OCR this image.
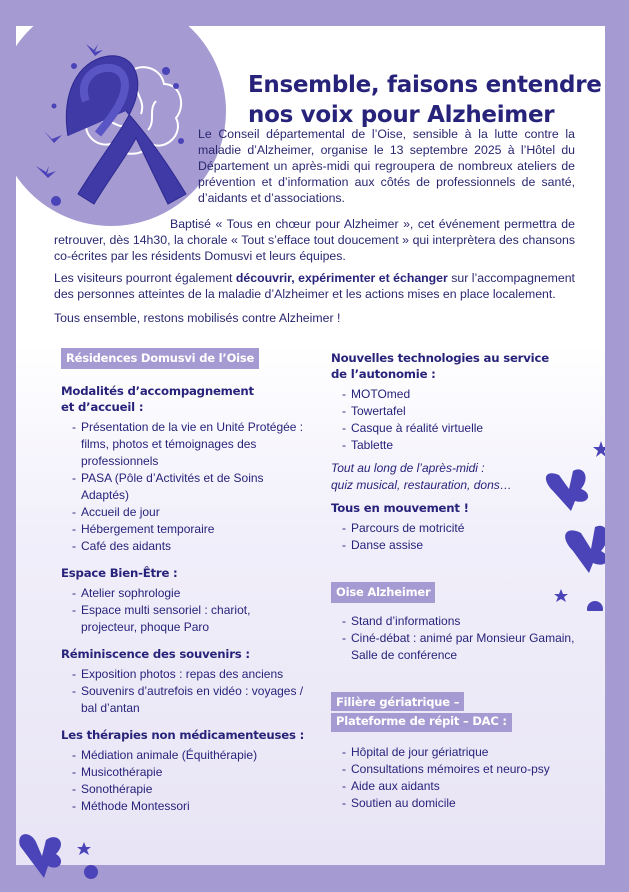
Ensemble, faisons entendre
nos voix pour Alzheimer

Le Conseil départemental de l’Oise, sensible à la lutte contre la maladie d’Alzheimer, organise le 13 septembre 2025 à l’Hôtel du Département un après-midi qui regroupera de nombreux ateliers de prévention et d’information aux côtés de professionnels de santé, d’aidants et d’associations.

Baptisé « Tous en chœur pour Alzheimer », cet événement permettra de retrouver, dès 14h30, la chorale « Tout s’efface tout doucement » qui interprètera des chansons co-écrites par les résidents Domusvi et leurs équipes.

Les visiteurs pourront également découvrir, expérimenter et échanger sur l’accompagnement des personnes atteintes de la maladie d’Alzheimer et les actions mises en place localement.

Tous ensemble, restons mobilisés contre Alzheimer !

Résidences Domusvi de l’Oise

Modalités d’accompagnement
et d’accueil :

- Présentation de la vie en Unité Protégée :
films, photos et témoignages des
professionnels
- PASA (Pôle d’Activités et de Soins
Adaptés)
- Accueil de jour
- Hébergement temporaire
- Café des aidants

Espace Bien-Être :

- Atelier sophrologie
- Espace multi sensoriel : chariot,
projecteur, phoque Paro

Réminiscence des souvenirs :

- Exposition photos : repas des anciens
- Souvenirs d’autrefois en vidéo : voyages /
bal d’antan

Les thérapies non médicamenteuses :

- Médiation animale (Équithérapie)
- Musicothérapie
- Sonothérapie
- Méthode Montessori

Nouvelles technologies au service
de l’autonomie :

- MOTOmed
- Towertafel
- Casque à réalité virtuelle
- Tablette

Tout au long de l’après-midi :
quiz musical, restauration, dons…

Tous en mouvement !

- Parcours de motricité
- Danse assise
Oise Alzheimer
- Stand d’informations
- Ciné-débat : animé par Monsieur Gamain,
Salle de conférence
Filière gériatrique –
Plateforme de répit – DAC :
- Hôpital de jour gériatrique
- Consultations mémoires et neuro-psy
- Aide aux aidants
- Soutien au domicile
